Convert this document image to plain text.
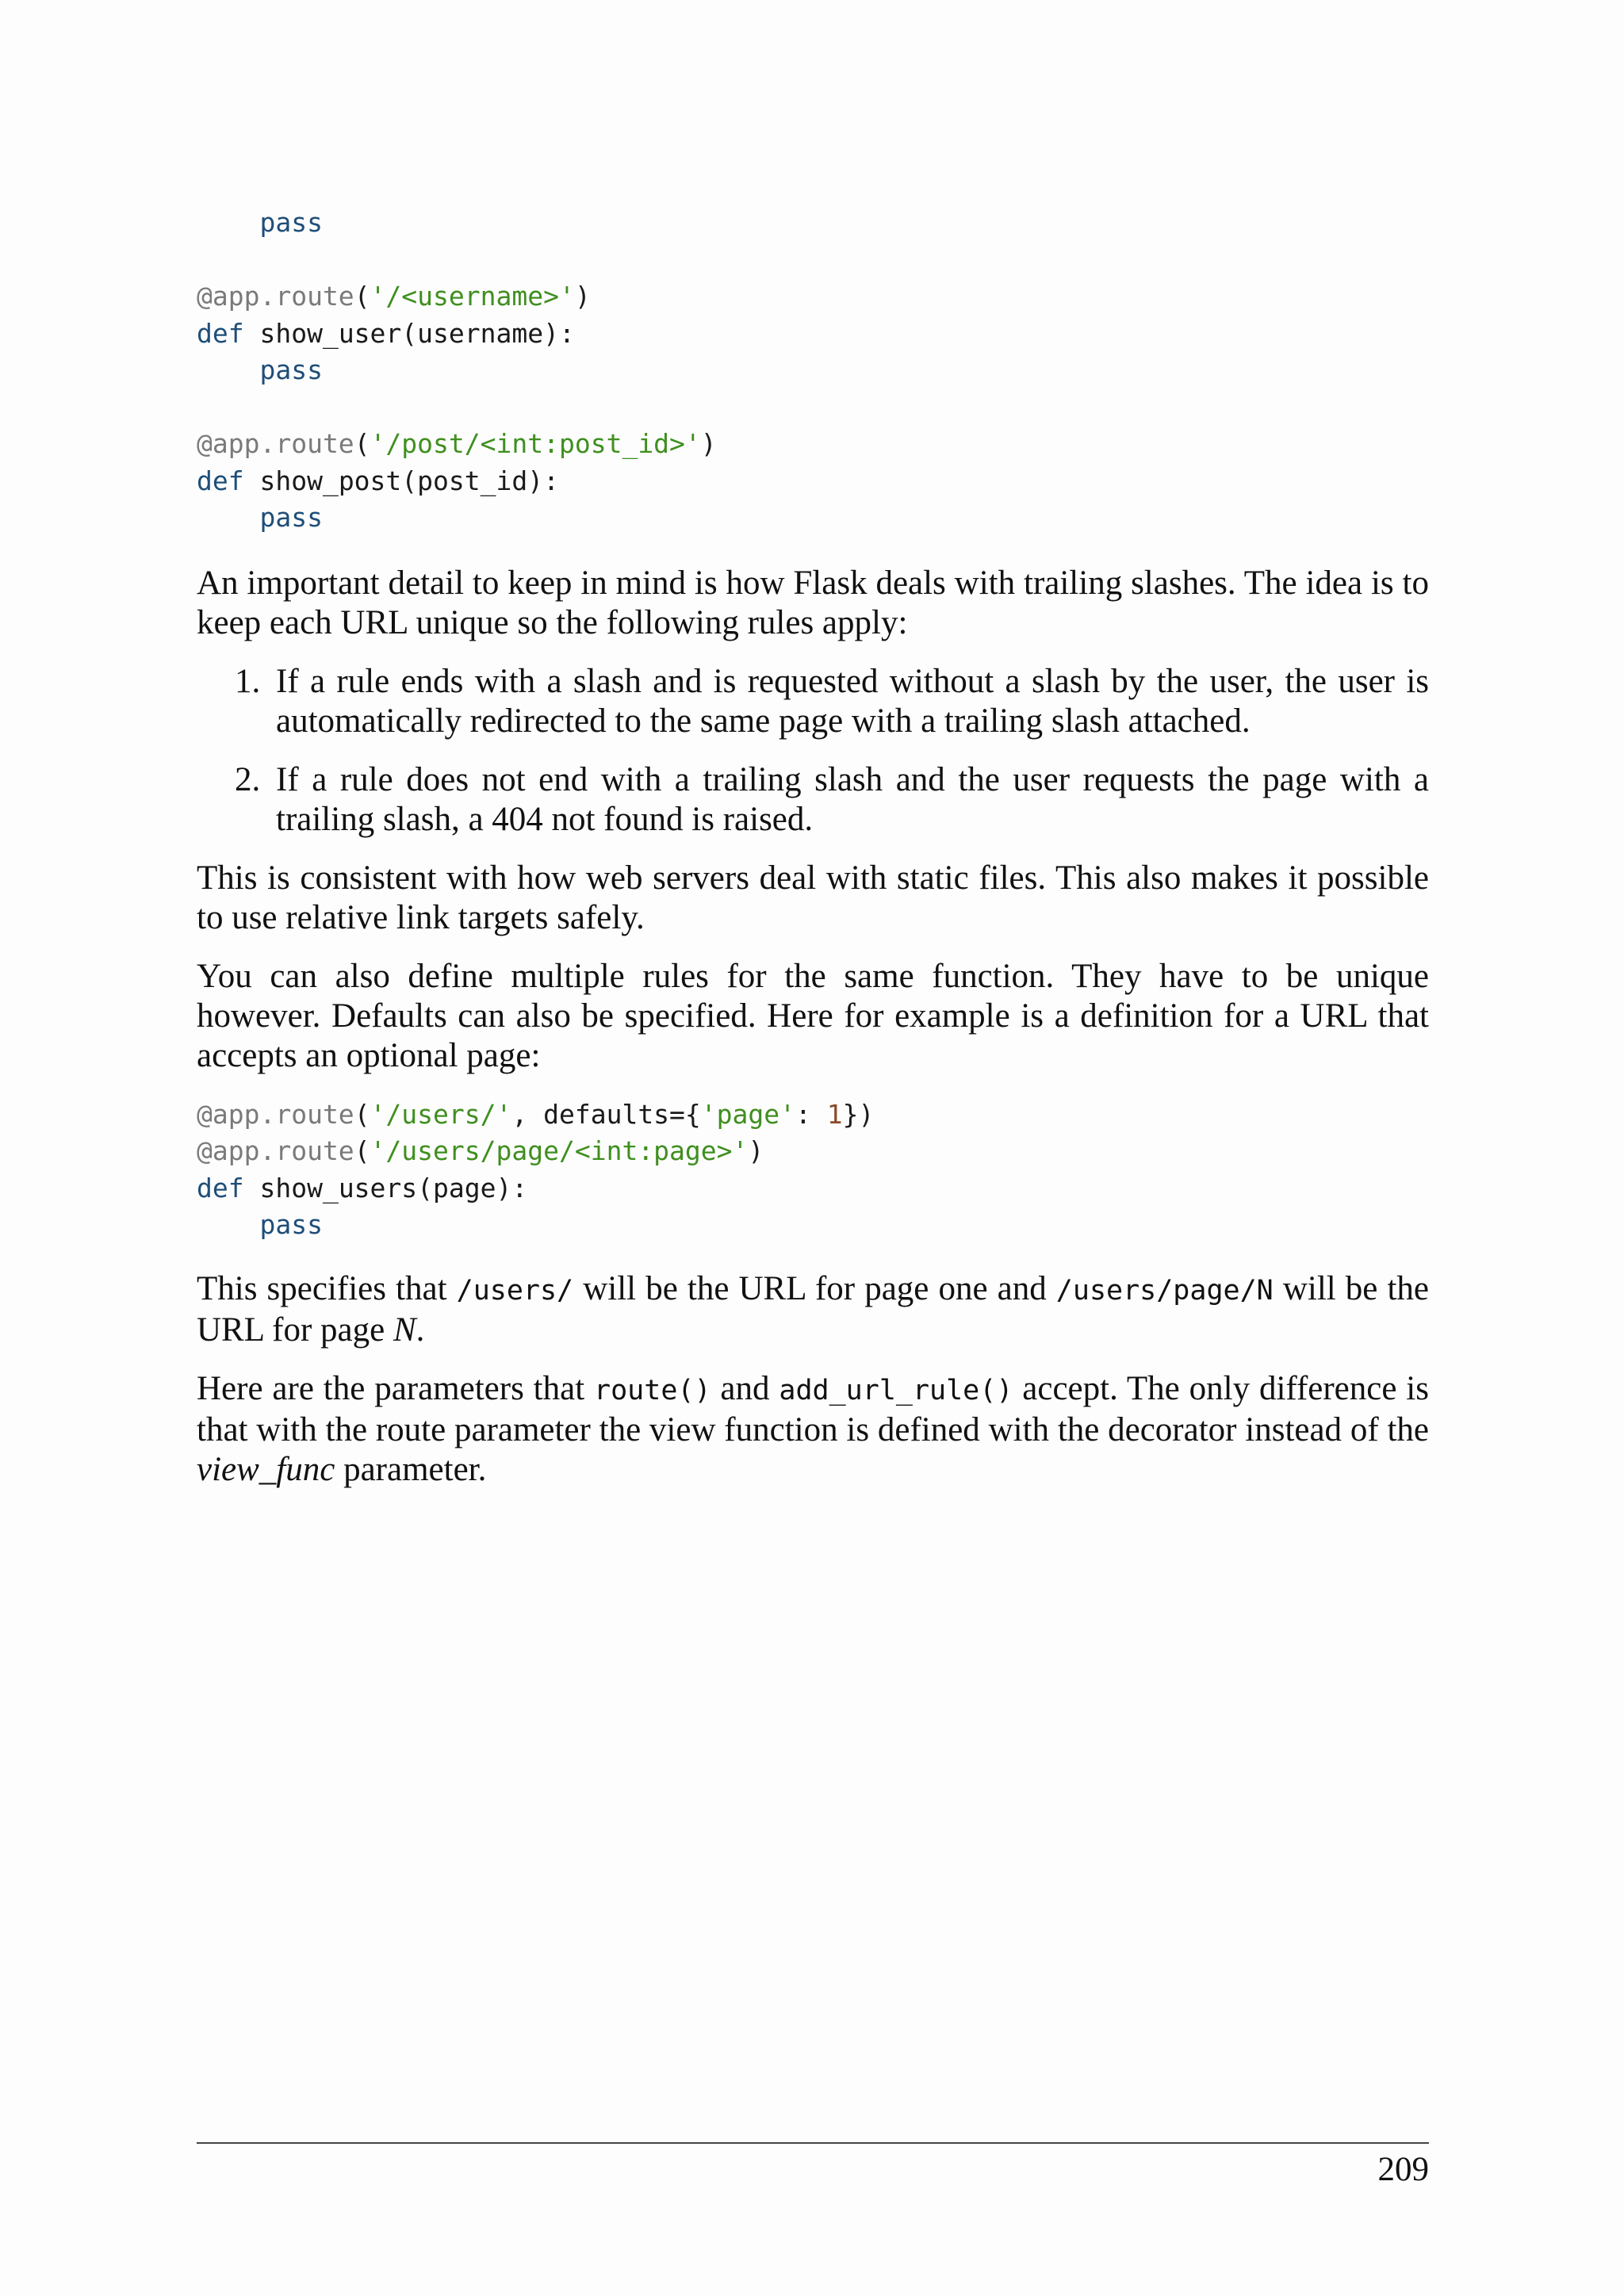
pass
@app.route('/<username>')
def show_user(username):
pass
@app.route('/post/<int:post_id>')
def show_post(post_id):
pass

An important detail to keep in mind is how Flask deals with trailing slashes. The idea is to keep each URL unique so the following rules apply:

1. If a rule ends with a slash and is requested without a slash by the user, the user is automatically redirected to the same page with a trailing slash attached.
2. If a rule does not end with a trailing slash and the user requests the page with a trailing slash, a 404 not found is raised.

This is consistent with how web servers deal with static files. This also makes it possible to use relative link targets safely.

You can also define multiple rules for the same function. They have to be unique however. Defaults can also be specified. Here for example is a definition for a URL that accepts an optional page:

@app.route('/users/', defaults={'page': 1})
@app.route('/users/page/<int:page>')
def show_users(page):
pass

This specifies that /users/ will be the URL for page one and /users/page/N will be the URL for page N.

Here are the parameters that route() and add_url_rule() accept. The only difference is that with the route parameter the view function is defined with the decorator instead of the view_func parameter.

209
